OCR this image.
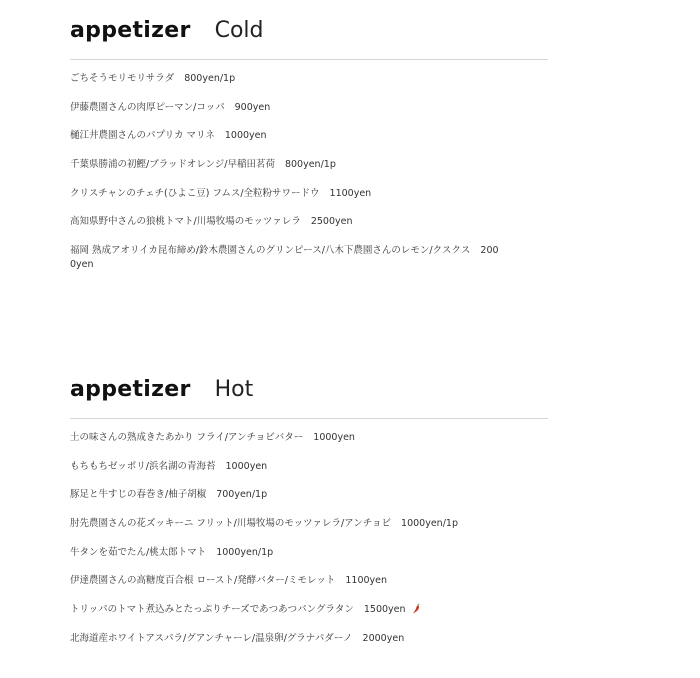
appetizer Cold
ごちそうモリモリサラダ 800yen/1p
伊藤農園さんの肉厚ピーマン/コッパ 900yen
樋江井農園さんのパプリカ マリネ 1000yen
千葉県勝浦の初鰹/ブラッドオレンジ/早稲田茗荷 800yen/1p
クリスチャンのチェチ(ひよこ豆) フムス/全粒粉サワードウ 1100yen
高知県野中さんの狼桃トマト/川場牧場のモッツァレラ 2500yen
福岡 熟成アオリイカ昆布締め/鈴木農園さんのグリンピース/八木下農園さんのレモン/クスクス 2000yen
appetizer Hot
土の味さんの熟成きたあかり フライ/アンチョビバター 1000yen
もちもちゼッポリ/浜名湖の青海苔 1000yen
豚足と牛すじの春巻き/柚子胡椒 700yen/1p
肘先農園さんの花ズッキーニ フリット/川場牧場のモッツァレラ/アンチョビ 1000yen/1p
牛タンを茹でたん/桃太郎トマト 1000yen/1p
伊達農園さんの高糖度百合根 ロースト/発酵バター/ミモレット 1100yen
トリッパのトマト煮込みとたっぷりチーズであつあつパングラタン 1500yen
北海道産ホワイトアスパラ/グアンチャーレ/温泉卵/グラナパダーノ 2000yen
